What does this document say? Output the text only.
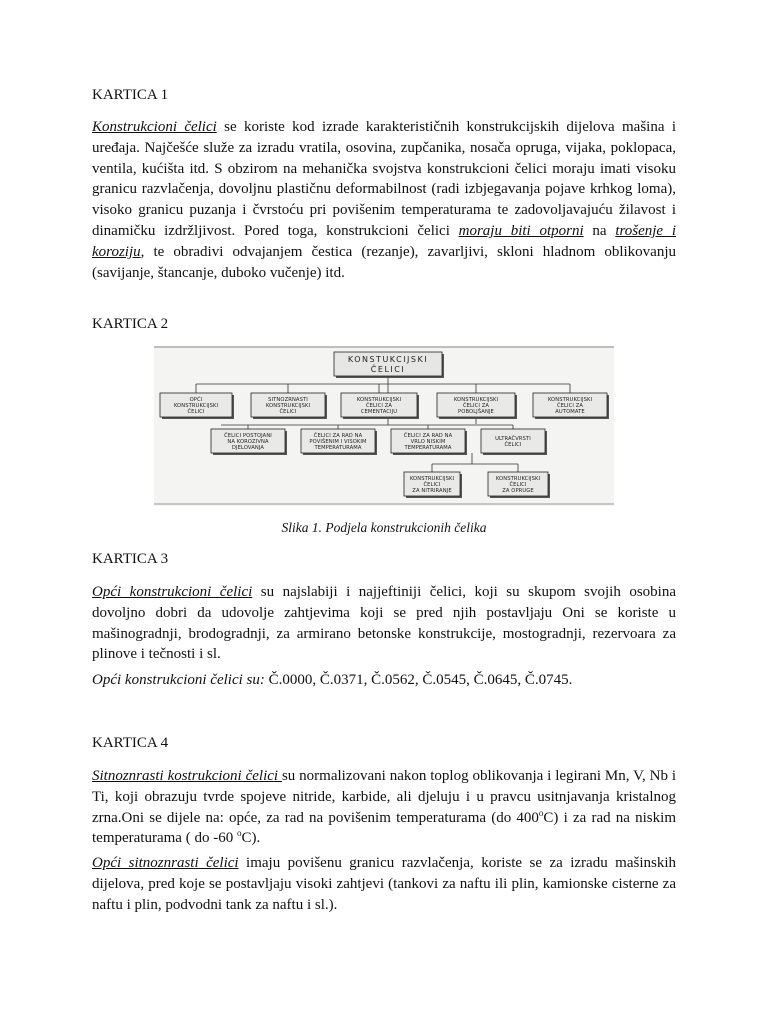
KARTICA 1

Konstrukcioni čelici se koriste kod izrade karakterističnih konstrukcijskih dijelova mašina i uređaja. Najčešće služe za izradu vratila, osovina, zupčanika, nosača opruga, vijaka, poklopaca, ventila, kućišta itd. S obzirom na mehanička svojstva konstrukcioni čelici moraju imati visoku granicu razvlačenja, dovoljnu plastičnu deformabilnost (radi izbjegavanja pojave krhkog loma), visoko granicu puzanja i čvrstoću pri povišenim temperaturama te zadovoljavajuću žilavost i dinamičku izdržljivost. Pored toga, konstrukcioni čelici moraju biti otporni na trošenje i koroziju, te obradivi odvajanjem čestica (rezanje), zavarljivi, skloni hladnom oblikovanju (savijanje, štancanje, duboko vučenje) itd.

KARTICA 2
KONSTUKCIJSKI
ČELICI
OPĆI
KONSTRUKCIJSKI
ČELICI
SITNOZRNASTI
KONSTRUKCIJSKI
ČELICI
KONSTRUKCIJSKI
ČELICI ZA
CEMENTACIJU
KONSTRUKCIJSKI
ČELICI ZA
POBOLJŠANJE
KONSTRUKCIJSKI
ČELICI ZA
AUTOMATE
ČELICI POSTOJANI
NA KOROZIVNA
DJELOVANJA
ČELICI ZA RAD NA
POVIŠENIM I VISOKIM
TEMPERATURAMA
ČELICI ZA RAD NA
VRLO NISKIM
TEMPERATURAMA
ULTRAČVRSTI
ČELICI
KONSTRUKCIJSKI
ČELICI
ZA NITRIRANJE
KONSTRUKCIJSKI
ČELICI
ZA OPRUGE

Slika 1. Podjela konstrukcionih čelika

KARTICA 3

Opći konstrukcioni čelici su najslabiji i najjeftiniji čelici, koji su skupom svojih osobina dovoljno dobri da udovolje zahtjevima koji se pred njih postavljaju Oni se koriste u mašinogradnji, brodogradnji, za armirano betonske konstrukcije, mostogradnji, rezervoara za plinove i tečnosti i sl.

Opći konstrukcioni čelici su: Č.0000, Č.0371, Č.0562, Č.0545, Č.0645, Č.0745.

KARTICA 4

Sitnoznrasti kostrukcioni čelici su normalizovani nakon toplog oblikovanja i legirani Mn, V, Nb i Ti, koji obrazuju tvrde spojeve nitride, karbide, ali djeluju i u pravcu usitnjavanja kristalnog zrna.Oni se dijele na: opće, za rad na povišenim temperaturama (do 400$^o$C) i za rad na niskim temperaturama ( do -60 $^o$C).

Opći sitnoznrasti čelici imaju povišenu granicu razvlačenja, koriste se za izradu mašinskih dijelova, pred koje se postavljaju visoki zahtjevi (tankovi za naftu ili plin, kamionske cisterne za naftu i plin, podvodni tank za naftu i sl.).
